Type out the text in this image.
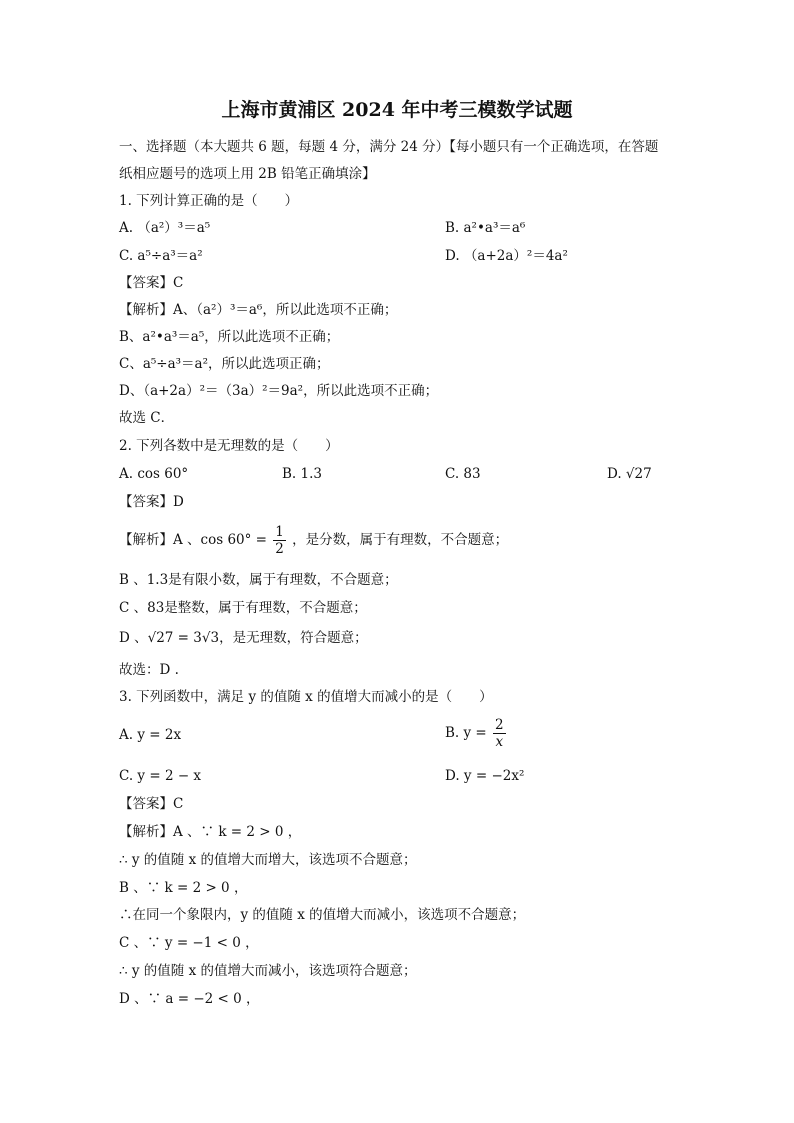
上海市黄浦区 2024 年中考三模数学试题
一、选择题（本大题共 6 题，每题 4 分，满分 24 分）【每小题只有一个正确选项，在答题
纸相应题号的选项上用 2B 铅笔正确填涂】
1. 下列计算正确的是（　　）
A. （a²）³＝a⁵	B. a²•a³＝a⁶
C. a⁵÷a³＝a²	D. （a+2a）²＝4a²
【答案】C
【解析】A、（a²）³＝a⁶，所以此选项不正确；
B、a²•a³＝a⁵，所以此选项不正确；
C、a⁵÷a³＝a²，所以此选项正确；
D、（a+2a）²＝（3a）²＝9a²，所以此选项不正确；
故选 C．
2. 下列各数中是无理数的是（　　）
A. cos 60°	B. 1.3	C. 83	D. √27
【答案】D
【解析】A 、$\cos 60^\circ = \frac{1}{2}$ ，是分数，属于有理数，不合题意；
B 、1.3是有限小数，属于有理数，不合题意；
C 、83是整数，属于有理数，不合题意；
D 、√27 = 3√3，是无理数，符合题意；
故选：D .
3. 下列函数中，满足 y 的值随 x 的值增大而减小的是（　　）
A. y = 2x	B. $y = \frac{2}{x}$
C. y = 2 − x	D. y = −2x²
【答案】C
【解析】A 、∵ k = 2 > 0 ，
∴ y 的值随 x 的值增大而增大，该选项不合题意；
B 、∵ k = 2 > 0 ，
∴在同一个象限内，y 的值随 x 的值增大而减小，该选项不合题意；
C 、∵ y = −1 < 0 ，
∴ y 的值随 x 的值增大而减小，该选项符合题意；
D 、∵ a = −2 < 0 ，
